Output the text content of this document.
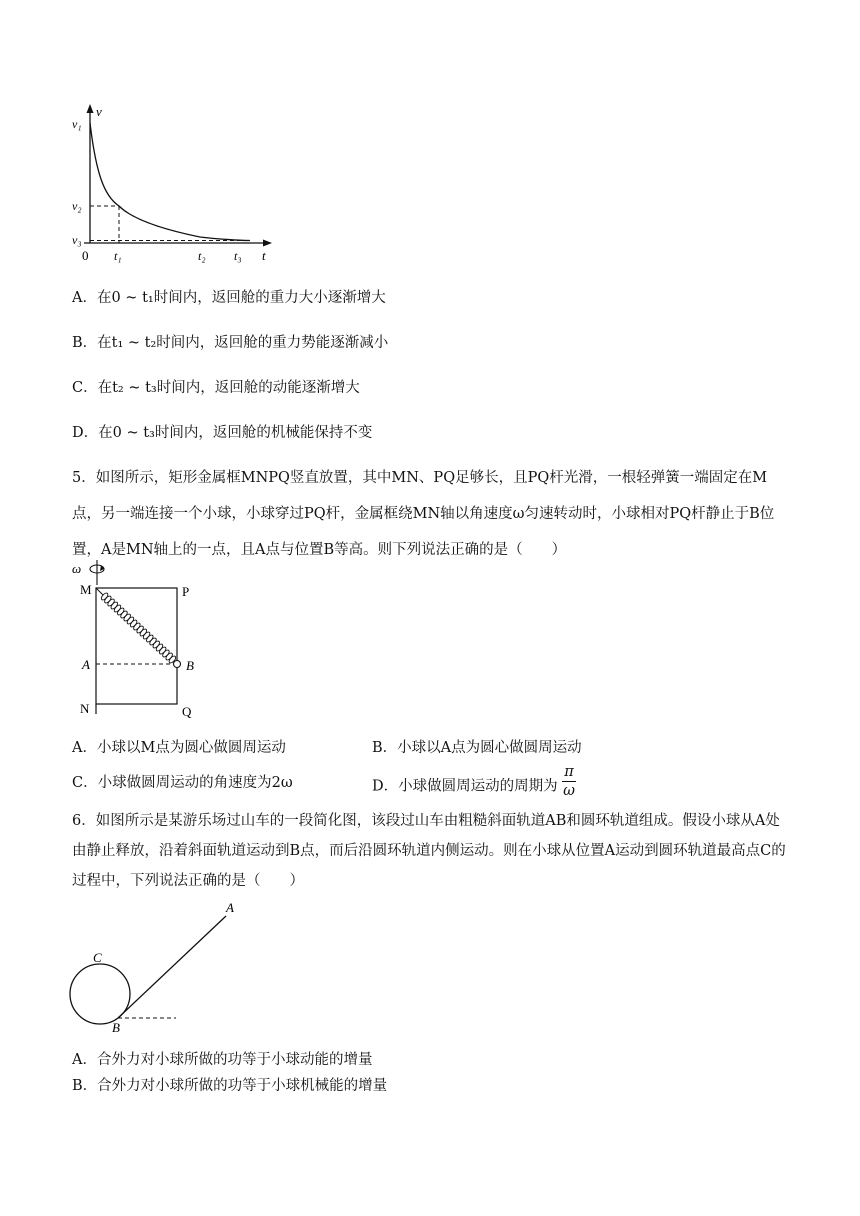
v
t
0
v₁
v₂
v₃
t₁	t₂ t₃
A．在0 ~ t₁时间内，返回舱的重力大小逐渐增大
B．在t₁ ~ t₂时间内，返回舱的重力势能逐渐减小
C．在t₂ ~ t₃时间内，返回舱的动能逐渐增大
D．在0 ~ t₃时间内，返回舱的机械能保持不变
5．如图所示，矩形金属框MNPQ竖直放置，其中MN、PQ足够长，且PQ杆光滑，一根轻弹簧一端固定在M点，另一端连接一个小球，小球穿过PQ杆，金属框绕MN轴以角速度ω匀速转动时，小球相对PQ杆静止于B位置，A是MN轴上的一点，且A点与位置B等高。则下列说法正确的是（　　）
ω
M	P
A	B
N	Q
A．小球以M点为圆心做圆周运动	B．小球以A点为圆心做圆周运动
C．小球做圆周运动的角速度为2ω	D．小球做圆周运动的周期为 $\frac{\pi}{\omega}$
6．如图所示是某游乐场过山车的一段简化图，该段过山车由粗糙斜面轨道AB和圆环轨道组成。假设小球从A处由静止释放，沿着斜面轨道运动到B点，而后沿圆环轨道内侧运动。则在小球从位置A运动到圆环轨道最高点C的过程中，下列说法正确的是（　　）
A
B
C
A．合外力对小球所做的功等于小球动能的增量
B．合外力对小球所做的功等于小球机械能的增量
